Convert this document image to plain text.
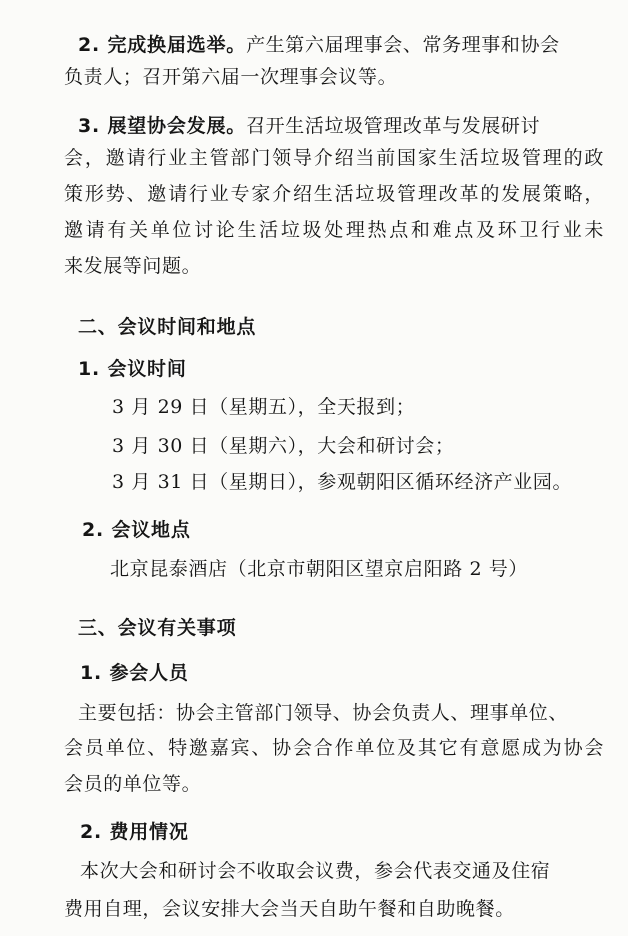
2. 完成换届选举。产生第六届理事会、常务理事和协会
负责人；召开第六届一次理事会议等。
3. 展望协会发展。召开生活垃圾管理改革与发展研讨
会，邀请行业主管部门领导介绍当前国家生活垃圾管理的政
策形势、邀请行业专家介绍生活垃圾管理改革的发展策略，
邀请有关单位讨论生活垃圾处理热点和难点及环卫行业未
来发展等问题。
二、会议时间和地点
1. 会议时间
3 月 29 日（星期五），全天报到；
3 月 30 日（星期六），大会和研讨会；
3 月 31 日（星期日），参观朝阳区循环经济产业园。
2. 会议地点
北京昆泰酒店（北京市朝阳区望京启阳路 2 号）
三、会议有关事项
1. 参会人员
主要包括：协会主管部门领导、协会负责人、理事单位、
会员单位、特邀嘉宾、协会合作单位及其它有意愿成为协会
会员的单位等。
2. 费用情况
本次大会和研讨会不收取会议费，参会代表交通及住宿
费用自理，会议安排大会当天自助午餐和自助晚餐。
